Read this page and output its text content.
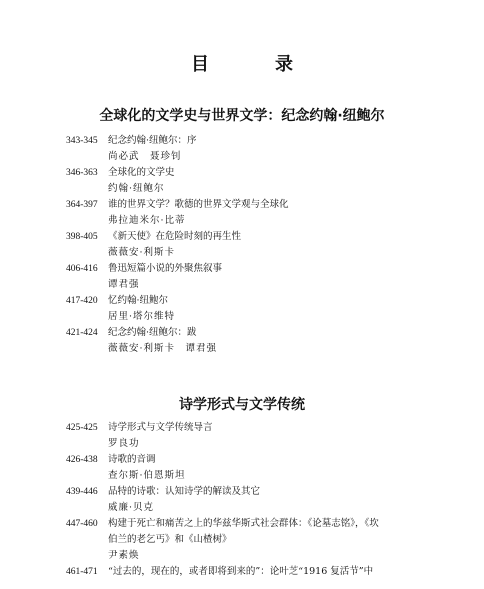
目　录
全球化的文学史与世界文学：纪念约翰·纽鲍尔
343-345	纪念约翰·纽鲍尔：序
尚必武　聂珍钊
346-363	全球化的文学史
约翰·纽鲍尔
364-397	谁的世界文学？歌德的世界文学观与全球化
弗拉迪米尔·比蒂
398-405	《新天使》在危险时刻的再生性
薇薇安·利斯卡
406-416	鲁迅短篇小说的外聚焦叙事
谭君强
417-420	忆约翰·纽鲍尔
居里·塔尔维特
421-424	纪念约翰·纽鲍尔：跋
薇薇安·利斯卡　谭君强
诗学形式与文学传统
425-425	诗学形式与文学传统导言
罗良功
426-438	诗歌的音调
查尔斯·伯恩斯坦
439-446	品特的诗歌：认知诗学的解读及其它
威廉·贝克
447-460	构建于死亡和痛苦之上的华兹华斯式社会群体：《论墓志铭》，《坎
伯兰的老乞丐》和《山楂树》
尹素焕
461-471	“过去的，现在的，或者即将到来的”：论叶芝“1916 复活节”中
